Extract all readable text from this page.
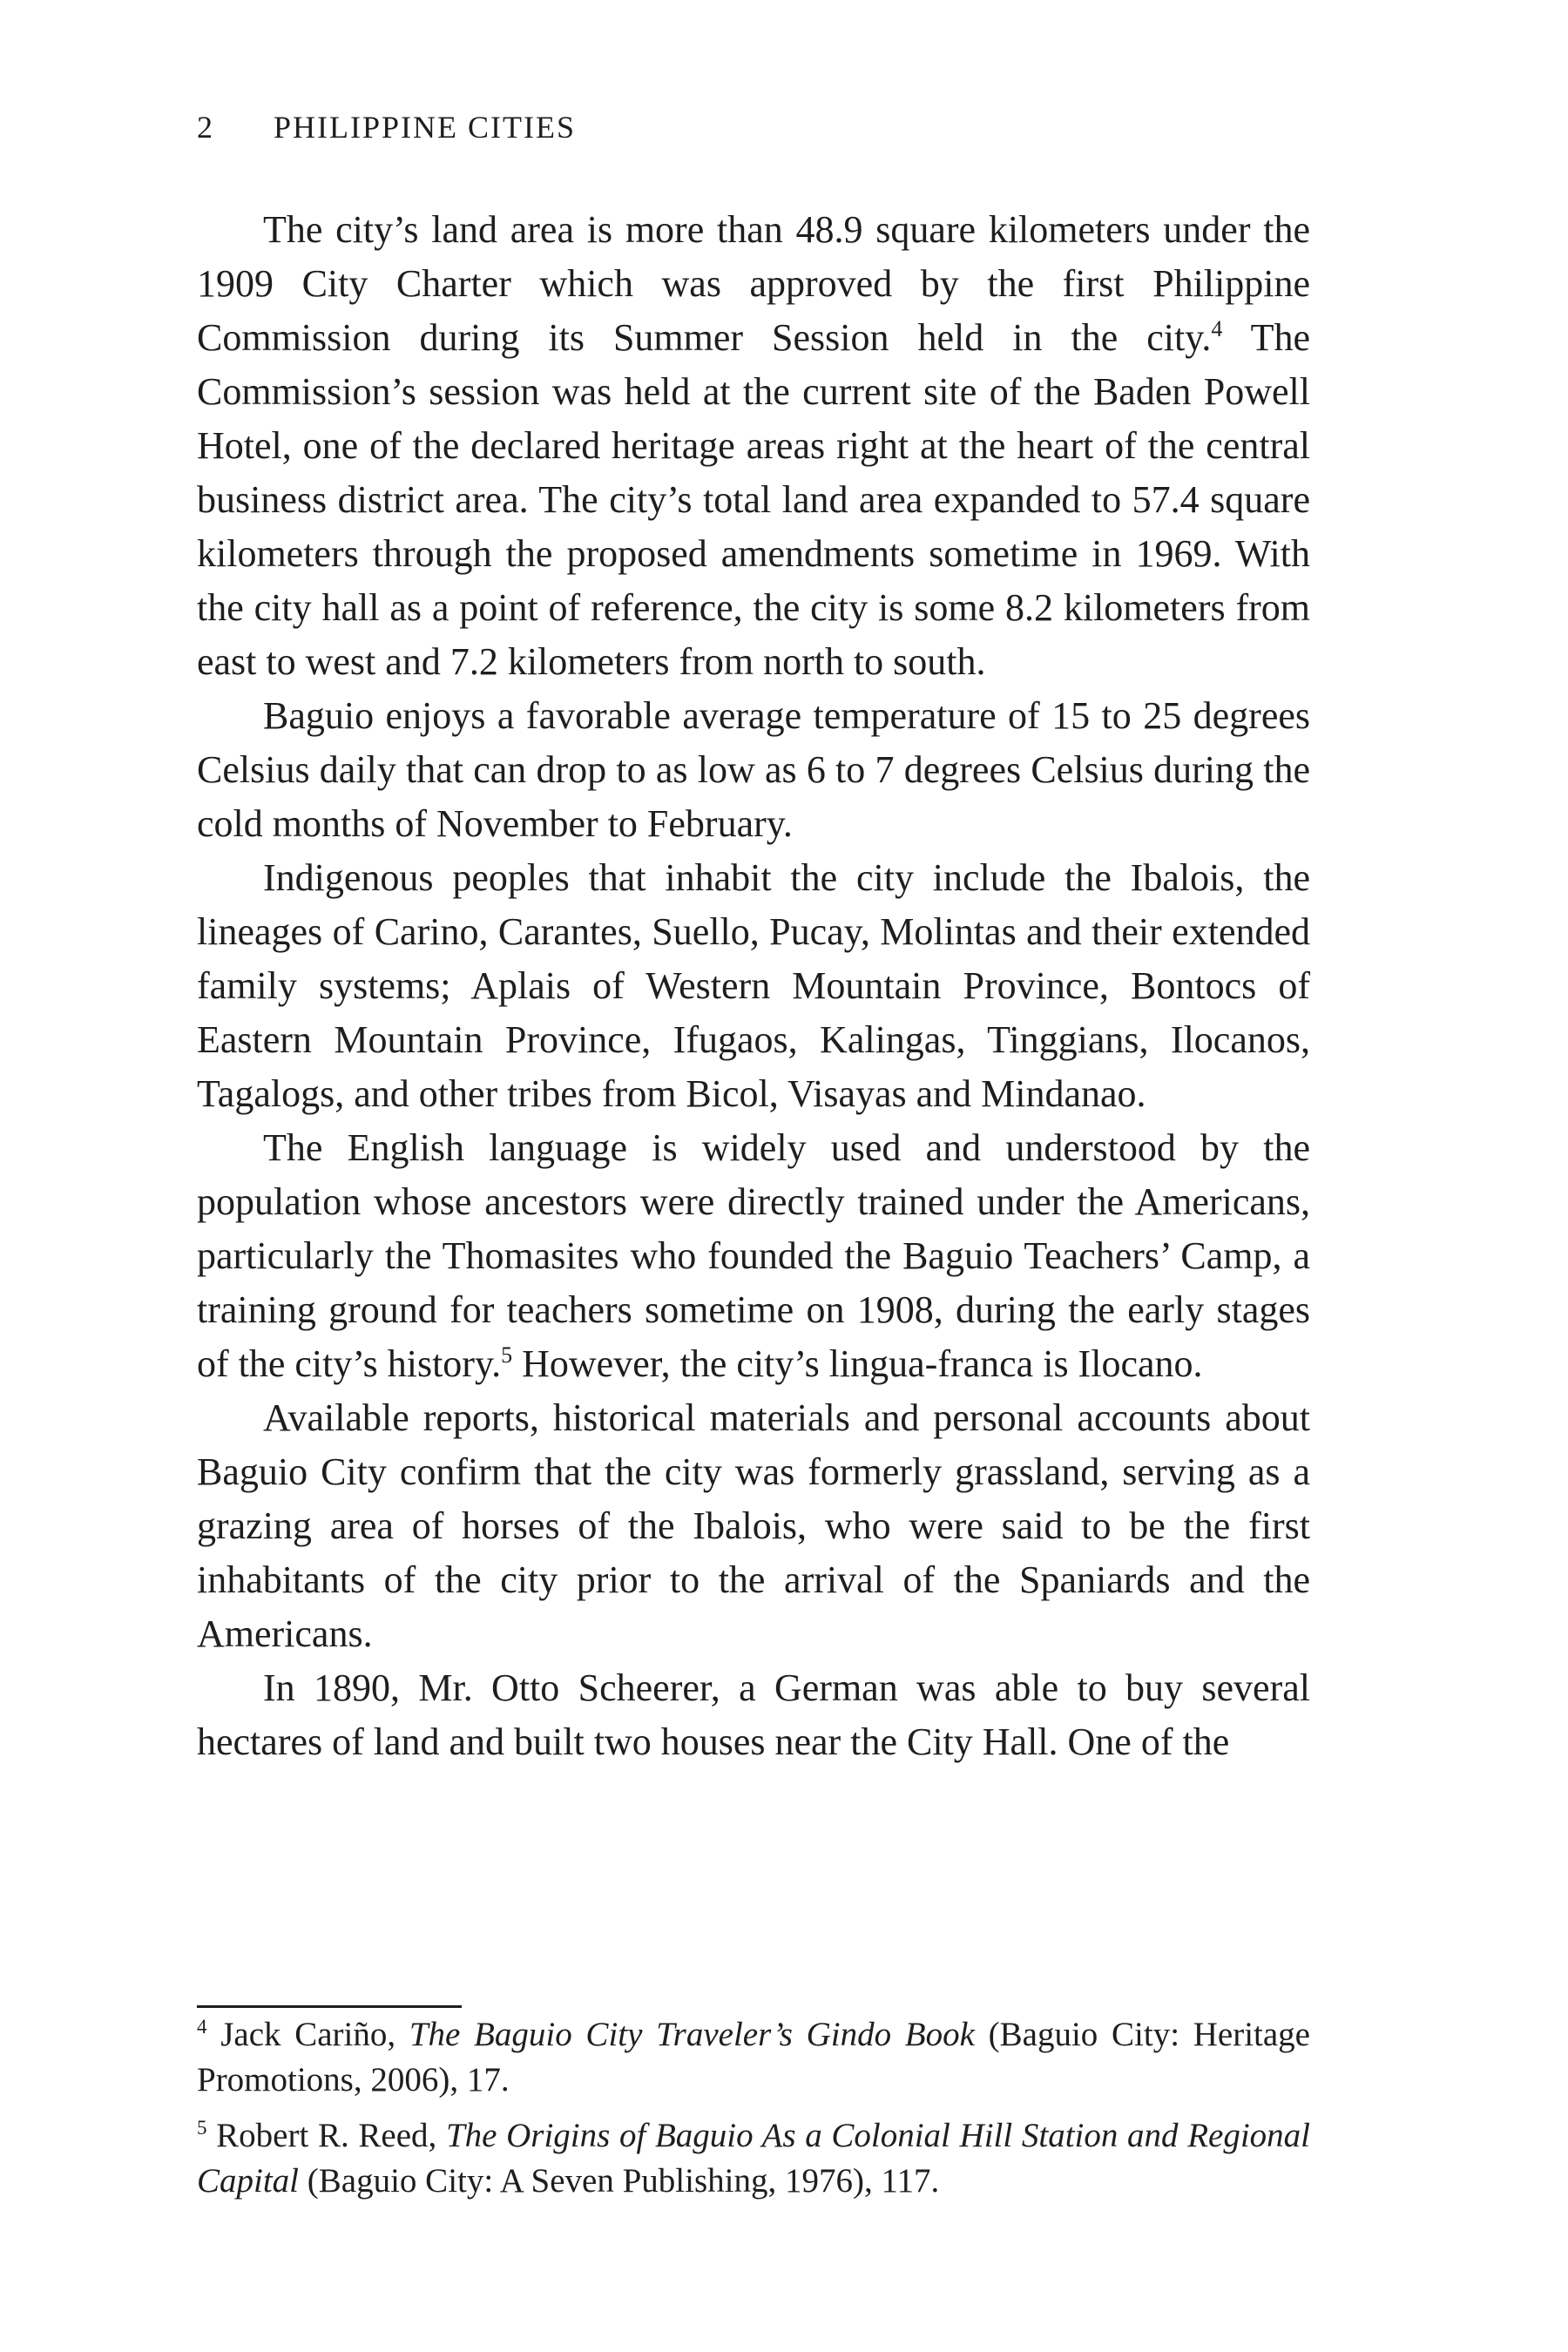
2 PHILIPPINE CITIES

The city’s land area is more than 48.9 square kilometers under the 1909 City Charter which was approved by the first Philippine Commission during its Summer Session held in the city.$^4$ The Commission’s session was held at the current site of the Baden Powell Hotel, one of the declared heritage areas right at the heart of the central business district area. The city’s total land area expanded to 57.4 square kilometers through the proposed amendments sometime in 1969. With the city hall as a point of reference, the city is some 8.2 kilometers from east to west and 7.2 kilometers from north to south.

Baguio enjoys a favorable average temperature of 15 to 25 degrees Celsius daily that can drop to as low as 6 to 7 degrees Celsius during the cold months of November to February.

Indigenous peoples that inhabit the city include the Ibalois, the lineages of Carino, Carantes, Suello, Pucay, Molintas and their extended family systems; Aplais of Western Mountain Province, Bontocs of Eastern Mountain Province, Ifugaos, Kalingas, Tinggians, Ilocanos, Tagalogs, and other tribes from Bicol, Visayas and Mindanao.

The English language is widely used and understood by the population whose ancestors were directly trained under the Americans, particularly the Thomasites who founded the Baguio Teachers’ Camp, a training ground for teachers sometime on 1908, during the early stages of the city’s history.$^5$ However, the city’s lingua-franca is Ilocano.

Available reports, historical materials and personal accounts about Baguio City confirm that the city was formerly grassland, serving as a grazing area of horses of the Ibalois, who were said to be the first inhabitants of the city prior to the arrival of the Spaniards and the Americans.

In 1890, Mr. Otto Scheerer, a German was able to buy several hectares of land and built two houses near the City Hall. One of the

$^4$ Jack Cariño, The Baguio City Traveler’s Gindo Book (Baguio City: Heritage Promotions, 2006), 17.

$^5$ Robert R. Reed, The Origins of Baguio As a Colonial Hill Station and Regional Capital (Baguio City: A Seven Publishing, 1976), 117.
